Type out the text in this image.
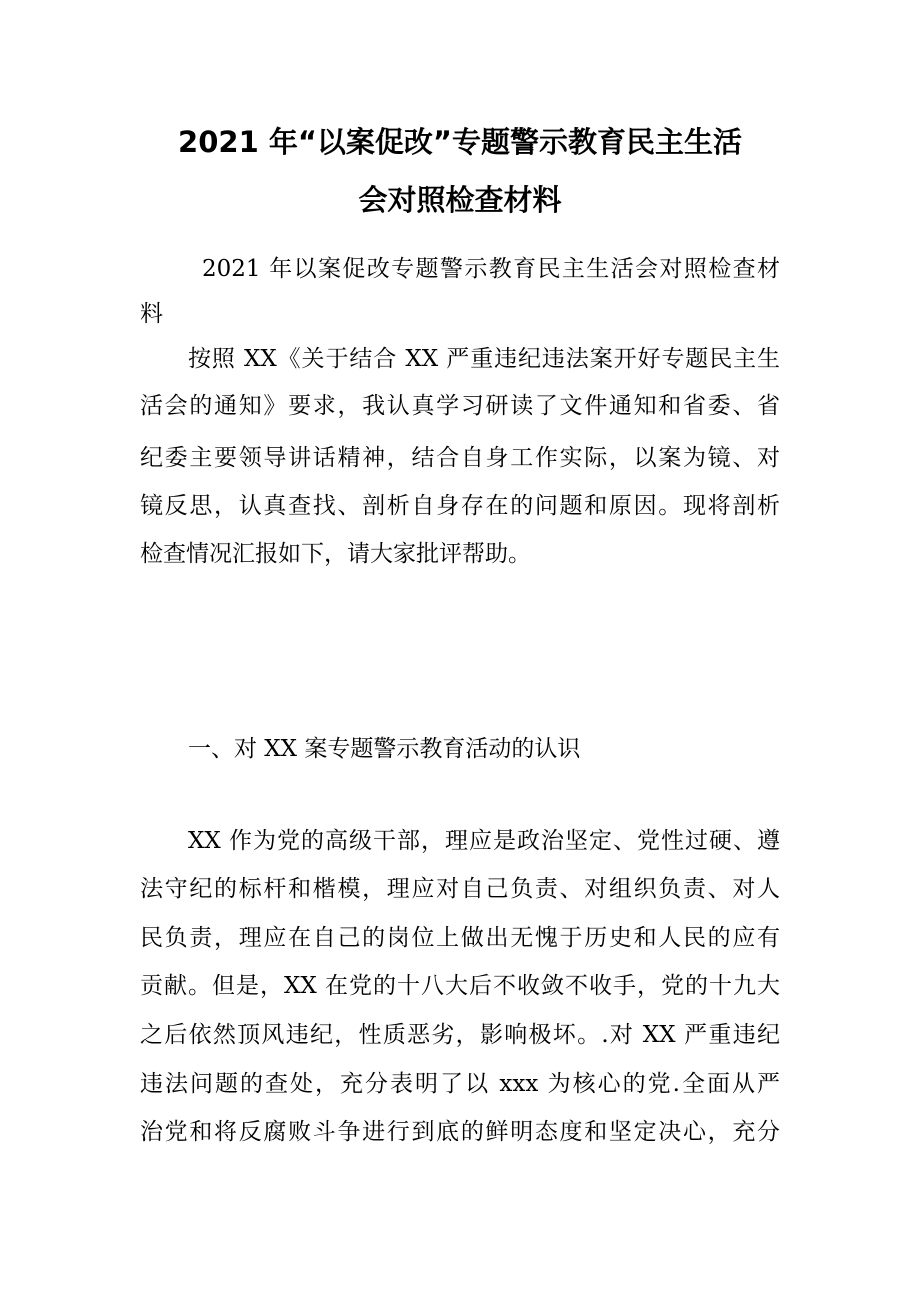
2021 年“以案促改”专题警示教育民主生活
会对照检查材料

2021 年以案促改专题警示教育民主生活会对照检查材

料

按照 XX《关于结合 XX 严重违纪违法案开好专题民主生

活会的通知》要求，我认真学习研读了文件通知和省委、省

纪委主要领导讲话精神，结合自身工作实际，以案为镜、对

镜反思，认真查找、剖析自身存在的问题和原因。现将剖析

检查情况汇报如下，请大家批评帮助。

一、对 XX 案专题警示教育活动的认识

XX 作为党的高级干部，理应是政治坚定、党性过硬、遵

法守纪的标杆和楷模，理应对自己负责、对组织负责、对人

民负责，理应在自己的岗位上做出无愧于历史和人民的应有

贡献。但是，XX 在党的十八大后不收敛不收手，党的十九大

之后依然顶风违纪，性质恶劣，影响极坏。.对 XX 严重违纪

违法问题的查处，充分表明了以 xxx 为核心的党.全面从严

治党和将反腐败斗争进行到底的鲜明态度和坚定决心，充分
